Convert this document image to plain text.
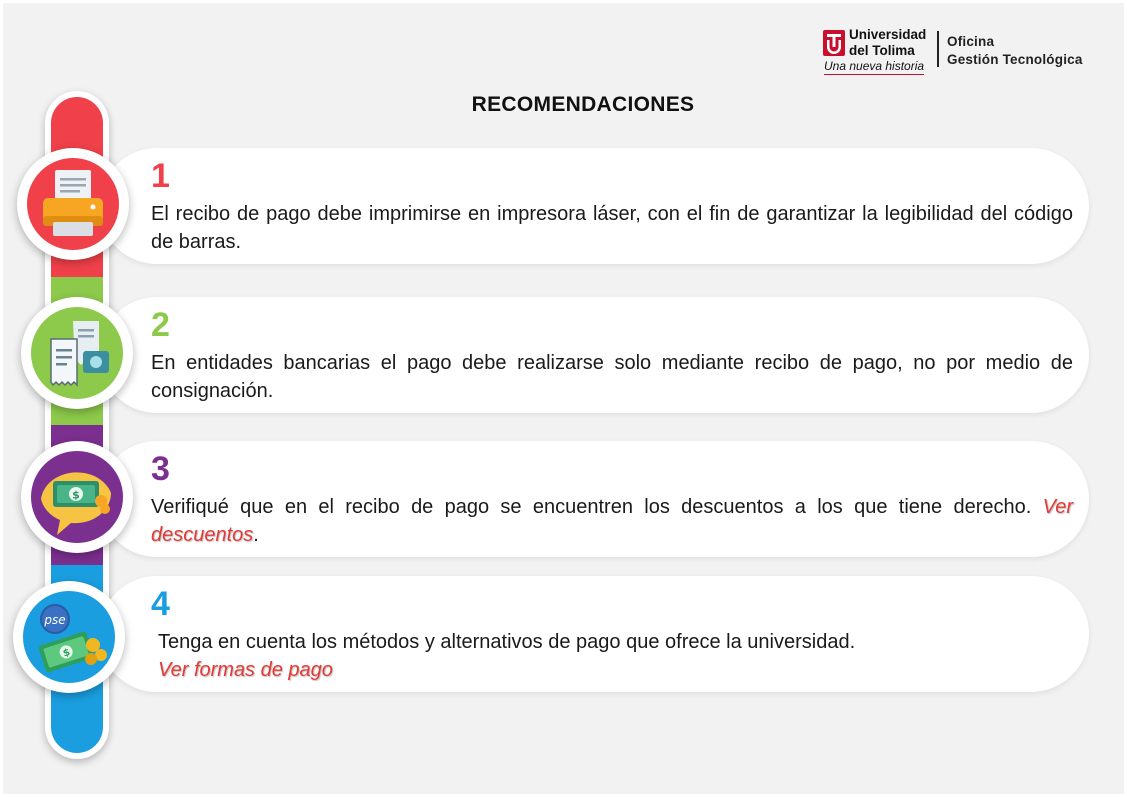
Universidad
del Tolima
Una nueva historia
Oficina
Gestión Tecnológica
RECOMENDACIONES
1
El recibo de pago debe imprimirse en impresora láser, con el fin de garantizar la legibilidad del código de barras.
2
En entidades bancarias el pago debe realizarse solo mediante recibo de pago, no por medio de consignación.
3
Verifiqué que en el recibo de pago se encuentren los descuentos a los que tiene derecho. Ver descuentos.
4
Tenga en cuenta los métodos y alternativos de pago que ofrece la universidad.
Ver formas de pago
$
pse
$
